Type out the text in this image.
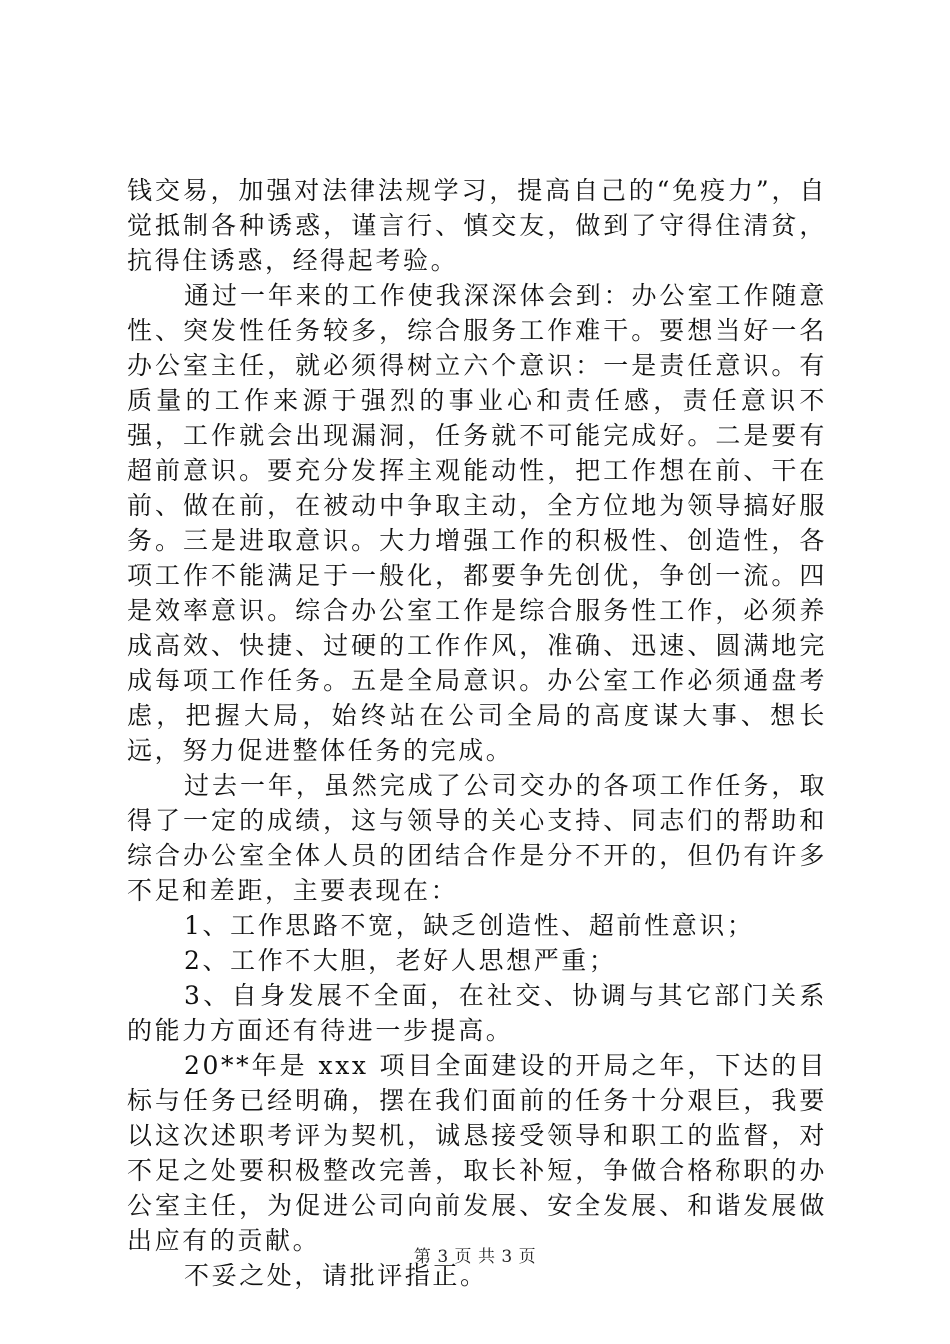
钱交易，加强对法律法规学习，提高自己的“免疫力”，自觉抵制各种诱惑，谨言行、慎交友，做到了守得住清贫，抗得住诱惑，经得起考验。

通过一年来的工作使我深深体会到：办公室工作随意性、突发性任务较多，综合服务工作难干。要想当好一名办公室主任，就必须得树立六个意识：一是责任意识。有质量的工作来源于强烈的事业心和责任感，责任意识不强，工作就会出现漏洞，任务就不可能完成好。二是要有超前意识。要充分发挥主观能动性，把工作想在前、干在前、做在前，在被动中争取主动，全方位地为领导搞好服务。三是进取意识。大力增强工作的积极性、创造性，各项工作不能满足于一般化，都要争先创优，争创一流。四是效率意识。综合办公室工作是综合服务性工作，必须养成高效、快捷、过硬的工作作风，准确、迅速、圆满地完成每项工作任务。五是全局意识。办公室工作必须通盘考虑，把握大局，始终站在公司全局的高度谋大事、想长远，努力促进整体任务的完成。

过去一年，虽然完成了公司交办的各项工作任务，取得了一定的成绩，这与领导的关心支持、同志们的帮助和综合办公室全体人员的团结合作是分不开的，但仍有许多不足和差距，主要表现在：

1、工作思路不宽，缺乏创造性、超前性意识；

2、工作不大胆，老好人思想严重；

3、自身发展不全面，在社交、协调与其它部门关系的能力方面还有待进一步提高。

20**年是 xxx 项目全面建设的开局之年，下达的目标与任务已经明确，摆在我们面前的任务十分艰巨，我要以这次述职考评为契机，诚恳接受领导和职工的监督，对不足之处要积极整改完善，取长补短，争做合格称职的办公室主任，为促进公司向前发展、安全发展、和谐发展做出应有的贡献。

不妥之处，请批评指正。

第 3 页 共 3 页
